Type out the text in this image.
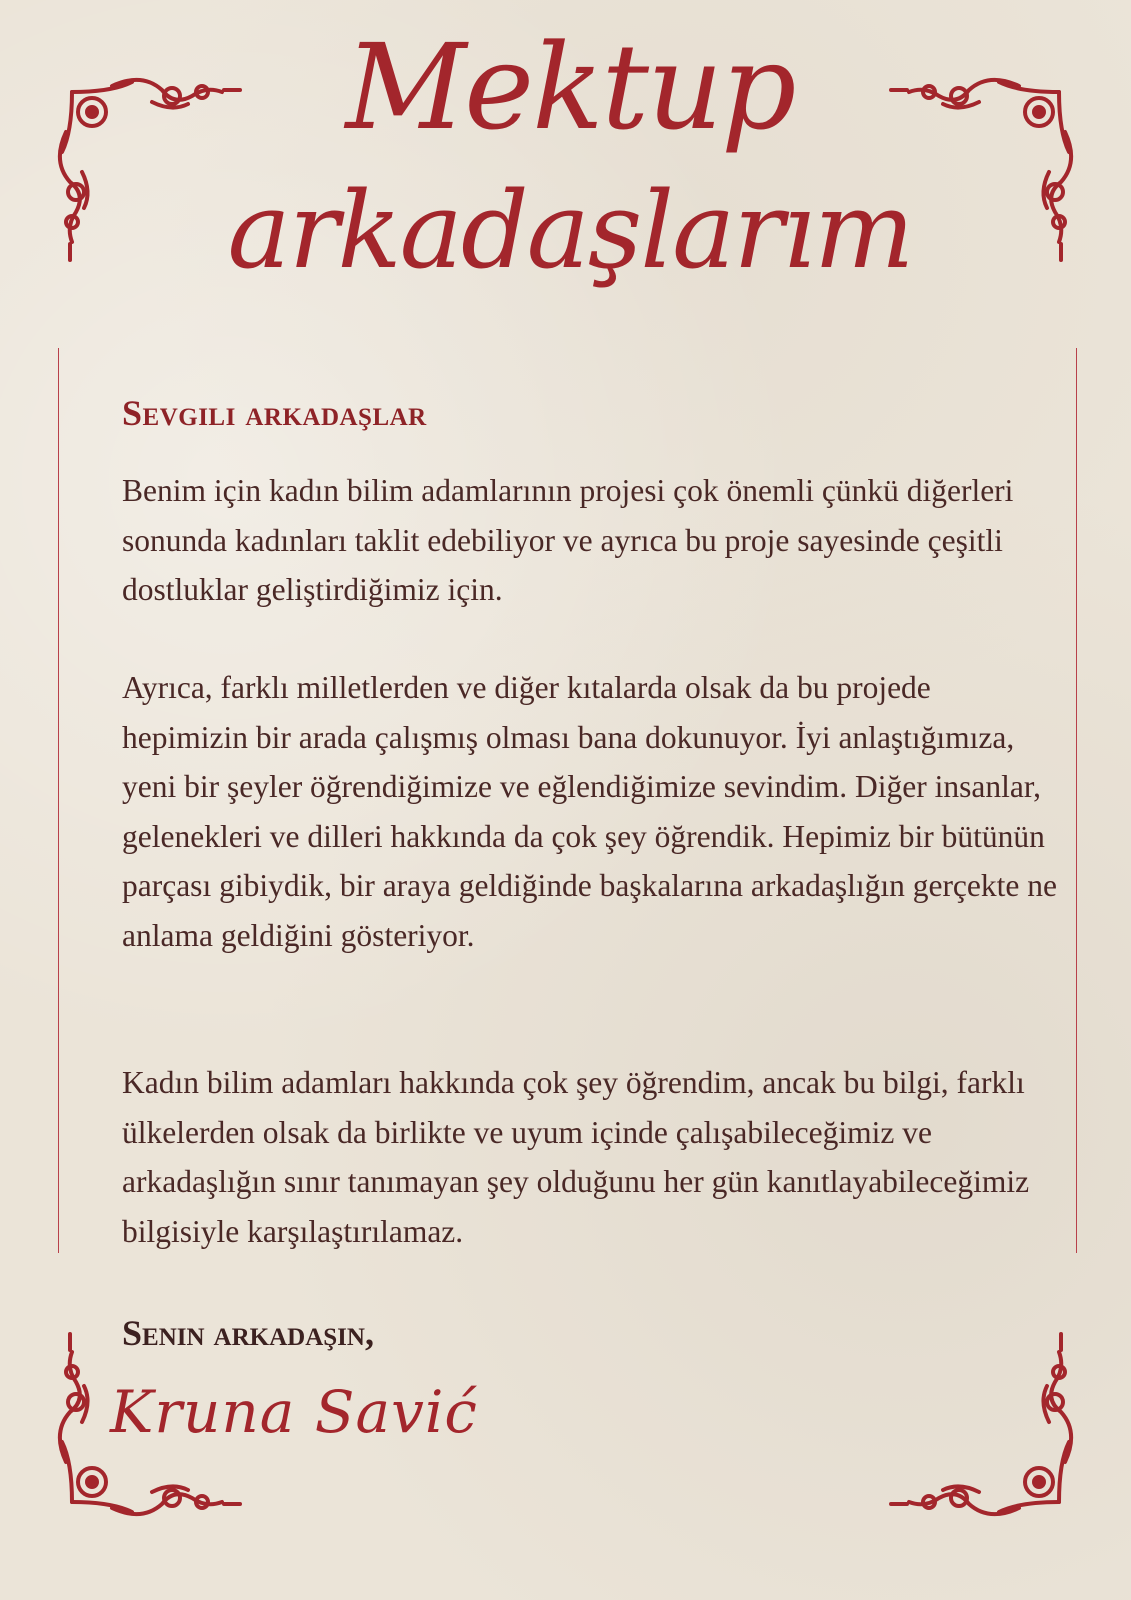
Mektup
arkadaşlarım

Sevgili arkadaşlar

Benim için kadın bilim adamlarının projesi çok önemli çünkü diğerleri sonunda kadınları taklit edebiliyor ve ayrıca bu proje sayesinde çeşitli dostluklar geliştirdiğimiz için.

Ayrıca, farklı milletlerden ve diğer kıtalarda olsak da bu projede hepimizin bir arada çalışmış olması bana dokunuyor. İyi anlaştığımıza, yeni bir şeyler öğrendiğimize ve eğlendiğimize sevindim. Diğer insanlar, gelenekleri ve dilleri hakkında da çok şey öğrendik. Hepimiz bir bütünün parçası gibiydik, bir araya geldiğinde başkalarına arkadaşlığın gerçekte ne anlama geldiğini gösteriyor.

Kadın bilim adamları hakkında çok şey öğrendim, ancak bu bilgi, farklı ülkelerden olsak da birlikte ve uyum içinde çalışabileceğimiz ve arkadaşlığın sınır tanımayan şey olduğunu her gün kanıtlayabileceğimiz bilgisiyle karşılaştırılamaz.

Senin arkadaşın,

Kruna Savić
